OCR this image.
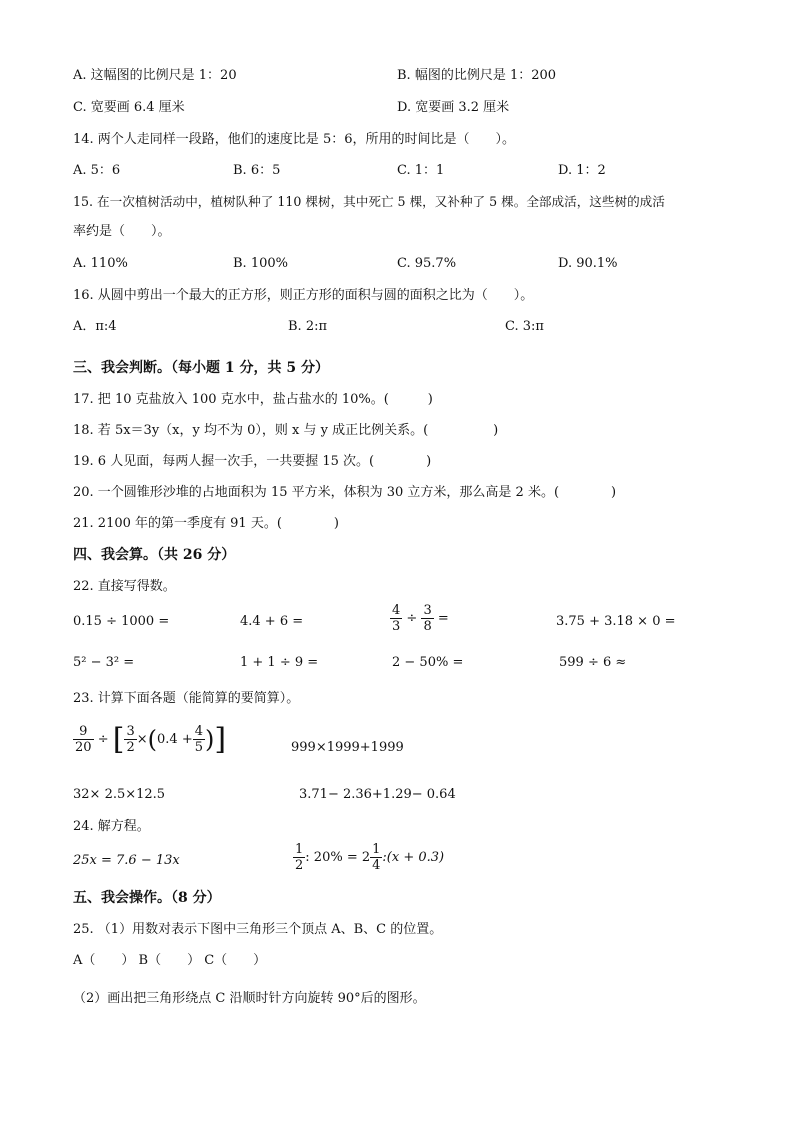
A. 这幅图的比例尺是 1：20	B. 幅图的比例尺是 1：200
C. 宽要画 6.4 厘米	D. 宽要画 3.2 厘米
14. 两个人走同样一段路，他们的速度比是 5：6，所用的时间比是（　　）。
A. 5：6	B. 6：5	C. 1：1	D. 1：2
15. 在一次植树活动中，植树队种了 110 棵树，其中死亡 5 棵，又补种了 5 棵。全部成活，这些树的成活
率约是（　　）。
A. 110%	B. 100%	C. 95.7%	D. 90.1%
16. 从圆中剪出一个最大的正方形，则正方形的面积与圆的面积之比为（　　）。
A．π:4	B. 2:π	C. 3:π
三、我会判断。（每小题 1 分，共 5 分）
17. 把 10 克盐放入 100 克水中，盐占盐水的 10%。(　　　)
18. 若 5x＝3y（x，y 均不为 0），则 x 与 y 成正比例关系。(　　　　　)
19. 6 人见面，每两人握一次手，一共要握 15 次。(　　　　)
20. 一个圆锥形沙堆的占地面积为 15 平方米，体积为 30 立方米，那么高是 2 米。(　　　　)
21. 2100 年的第一季度有 91 天。(　　　　)
四、我会算。（共 26 分）
22. 直接写得数。
0.15 ÷ 1000 =	4.4 + 6 =	$\frac{4}{3} \div \frac{3}{8}$ =	3.75 + 3.18 × 0 =
5² − 3² =	1 + 1 ÷ 9 =	2 − 50% =	599 ÷ 6 ≈
23. 计算下面各题（能简算的要简算）。
$\frac{9}{20}$ ÷ [ $\frac{3}{2} \times(0.4 + \frac{4}{5}$ )]	999×1999+1999
32× 2.5×12.5	3.71− 2.36+1.29− 0.64
24. 解方程。
25x = 7.6 − 13x	$\frac{1}{2}$ : $20\% = 2 \frac{1}{4}$ :(x + 0.3)
五、我会操作。（8 分）
25. （1）用数对表示下图中三角形三个顶点 A、B、C 的位置。
A（　　） B（　　） C（　　）
（2）画出把三角形绕点 C 沿顺时针方向旋转 90°后的图形。
